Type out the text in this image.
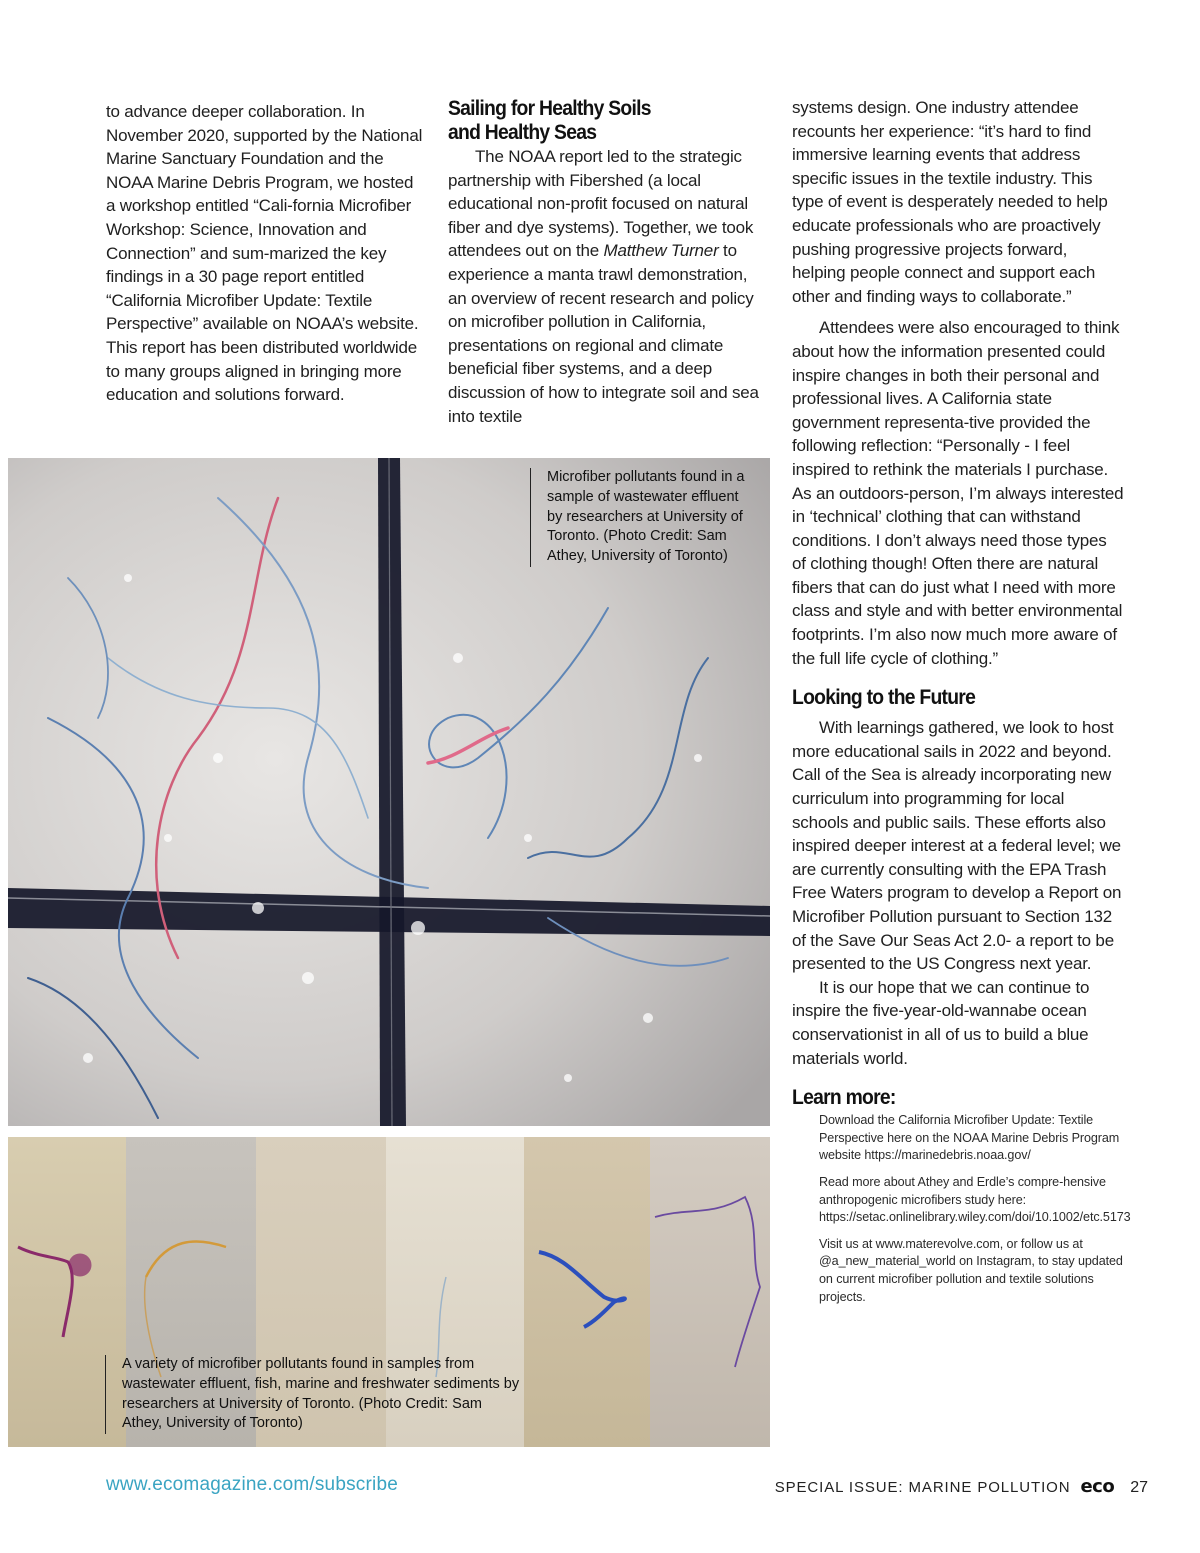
to advance deeper collaboration. In November 2020, supported by the National Marine Sanctuary Foundation and the NOAA Marine Debris Program, we hosted a workshop entitled “Cali-fornia Microfiber Workshop: Science, Innovation and Connection” and sum-marized the key findings in a 30 page report entitled “California Microfiber Update: Textile Perspective” available on NOAA’s website. This report has been distributed worldwide to many groups aligned in bringing more education and solutions forward.

Sailing for Healthy Soils
and Healthy Seas

The NOAA report led to the strategic partnership with Fibershed (a local educational non-profit focused on natural fiber and dye systems). Together, we took attendees out on the Matthew Turner to experience a manta trawl demonstration, an overview of recent research and policy on microfiber pollution in California, presentations on regional and climate beneficial fiber systems, and a deep discussion of how to integrate soil and sea into textile

systems design. One industry attendee recounts her experience: “it’s hard to find immersive learning events that address specific issues in the textile industry. This type of event is desperately needed to help educate professionals who are proactively pushing progressive projects forward, helping people connect and support each other and finding ways to collaborate.”

Attendees were also encouraged to think about how the information presented could inspire changes in both their personal and professional lives. A California state government representa-tive provided the following reflection: “Personally - I feel inspired to rethink the materials I purchase. As an outdoors-person, I’m always interested in ‘technical’ clothing that can withstand conditions. I don’t always need those types of clothing though! Often there are natural fibers that can do just what I need with more class and style and with better environmental footprints. I’m also now much more aware of the full life cycle of clothing.”

Looking to the Future

With learnings gathered, we look to host more educational sails in 2022 and beyond. Call of the Sea is already incorporating new curriculum into programming for local schools and public sails. These efforts also inspired deeper interest at a federal level; we are currently consulting with the EPA Trash Free Waters program to develop a Report on Microfiber Pollution pursuant to Section 132 of the Save Our Seas Act 2.0- a report to be presented to the US Congress next year.

It is our hope that we can continue to inspire the five-year-old-wannabe ocean conservationist in all of us to build a blue materials world.

Learn more:

Download the California Microfiber Update: Textile Perspective here on the NOAA Marine Debris Program website https://marinedebris.noaa.gov/

Read more about Athey and Erdle’s compre-hensive anthropogenic microfibers study here: https://setac.onlinelibrary.wiley.com/doi/10.1002/etc.5173

Visit us at www.materevolve.com, or follow us at @a_new_material_world on Instagram, to stay updated on current microfiber pollution and textile solutions projects.

Microfiber pollutants found in a sample of wastewater effluent by researchers at University of Toronto. (Photo Credit: Sam Athey, University of Toronto)
A variety of microfiber pollutants found in samples from wastewater effluent, fish, marine and freshwater sediments by researchers at University of Toronto. (Photo Credit: Sam Athey, University of Toronto)
www.ecomagazine.com/subscribe	SPECIAL ISSUE: MARINE POLLUTION eco 27
